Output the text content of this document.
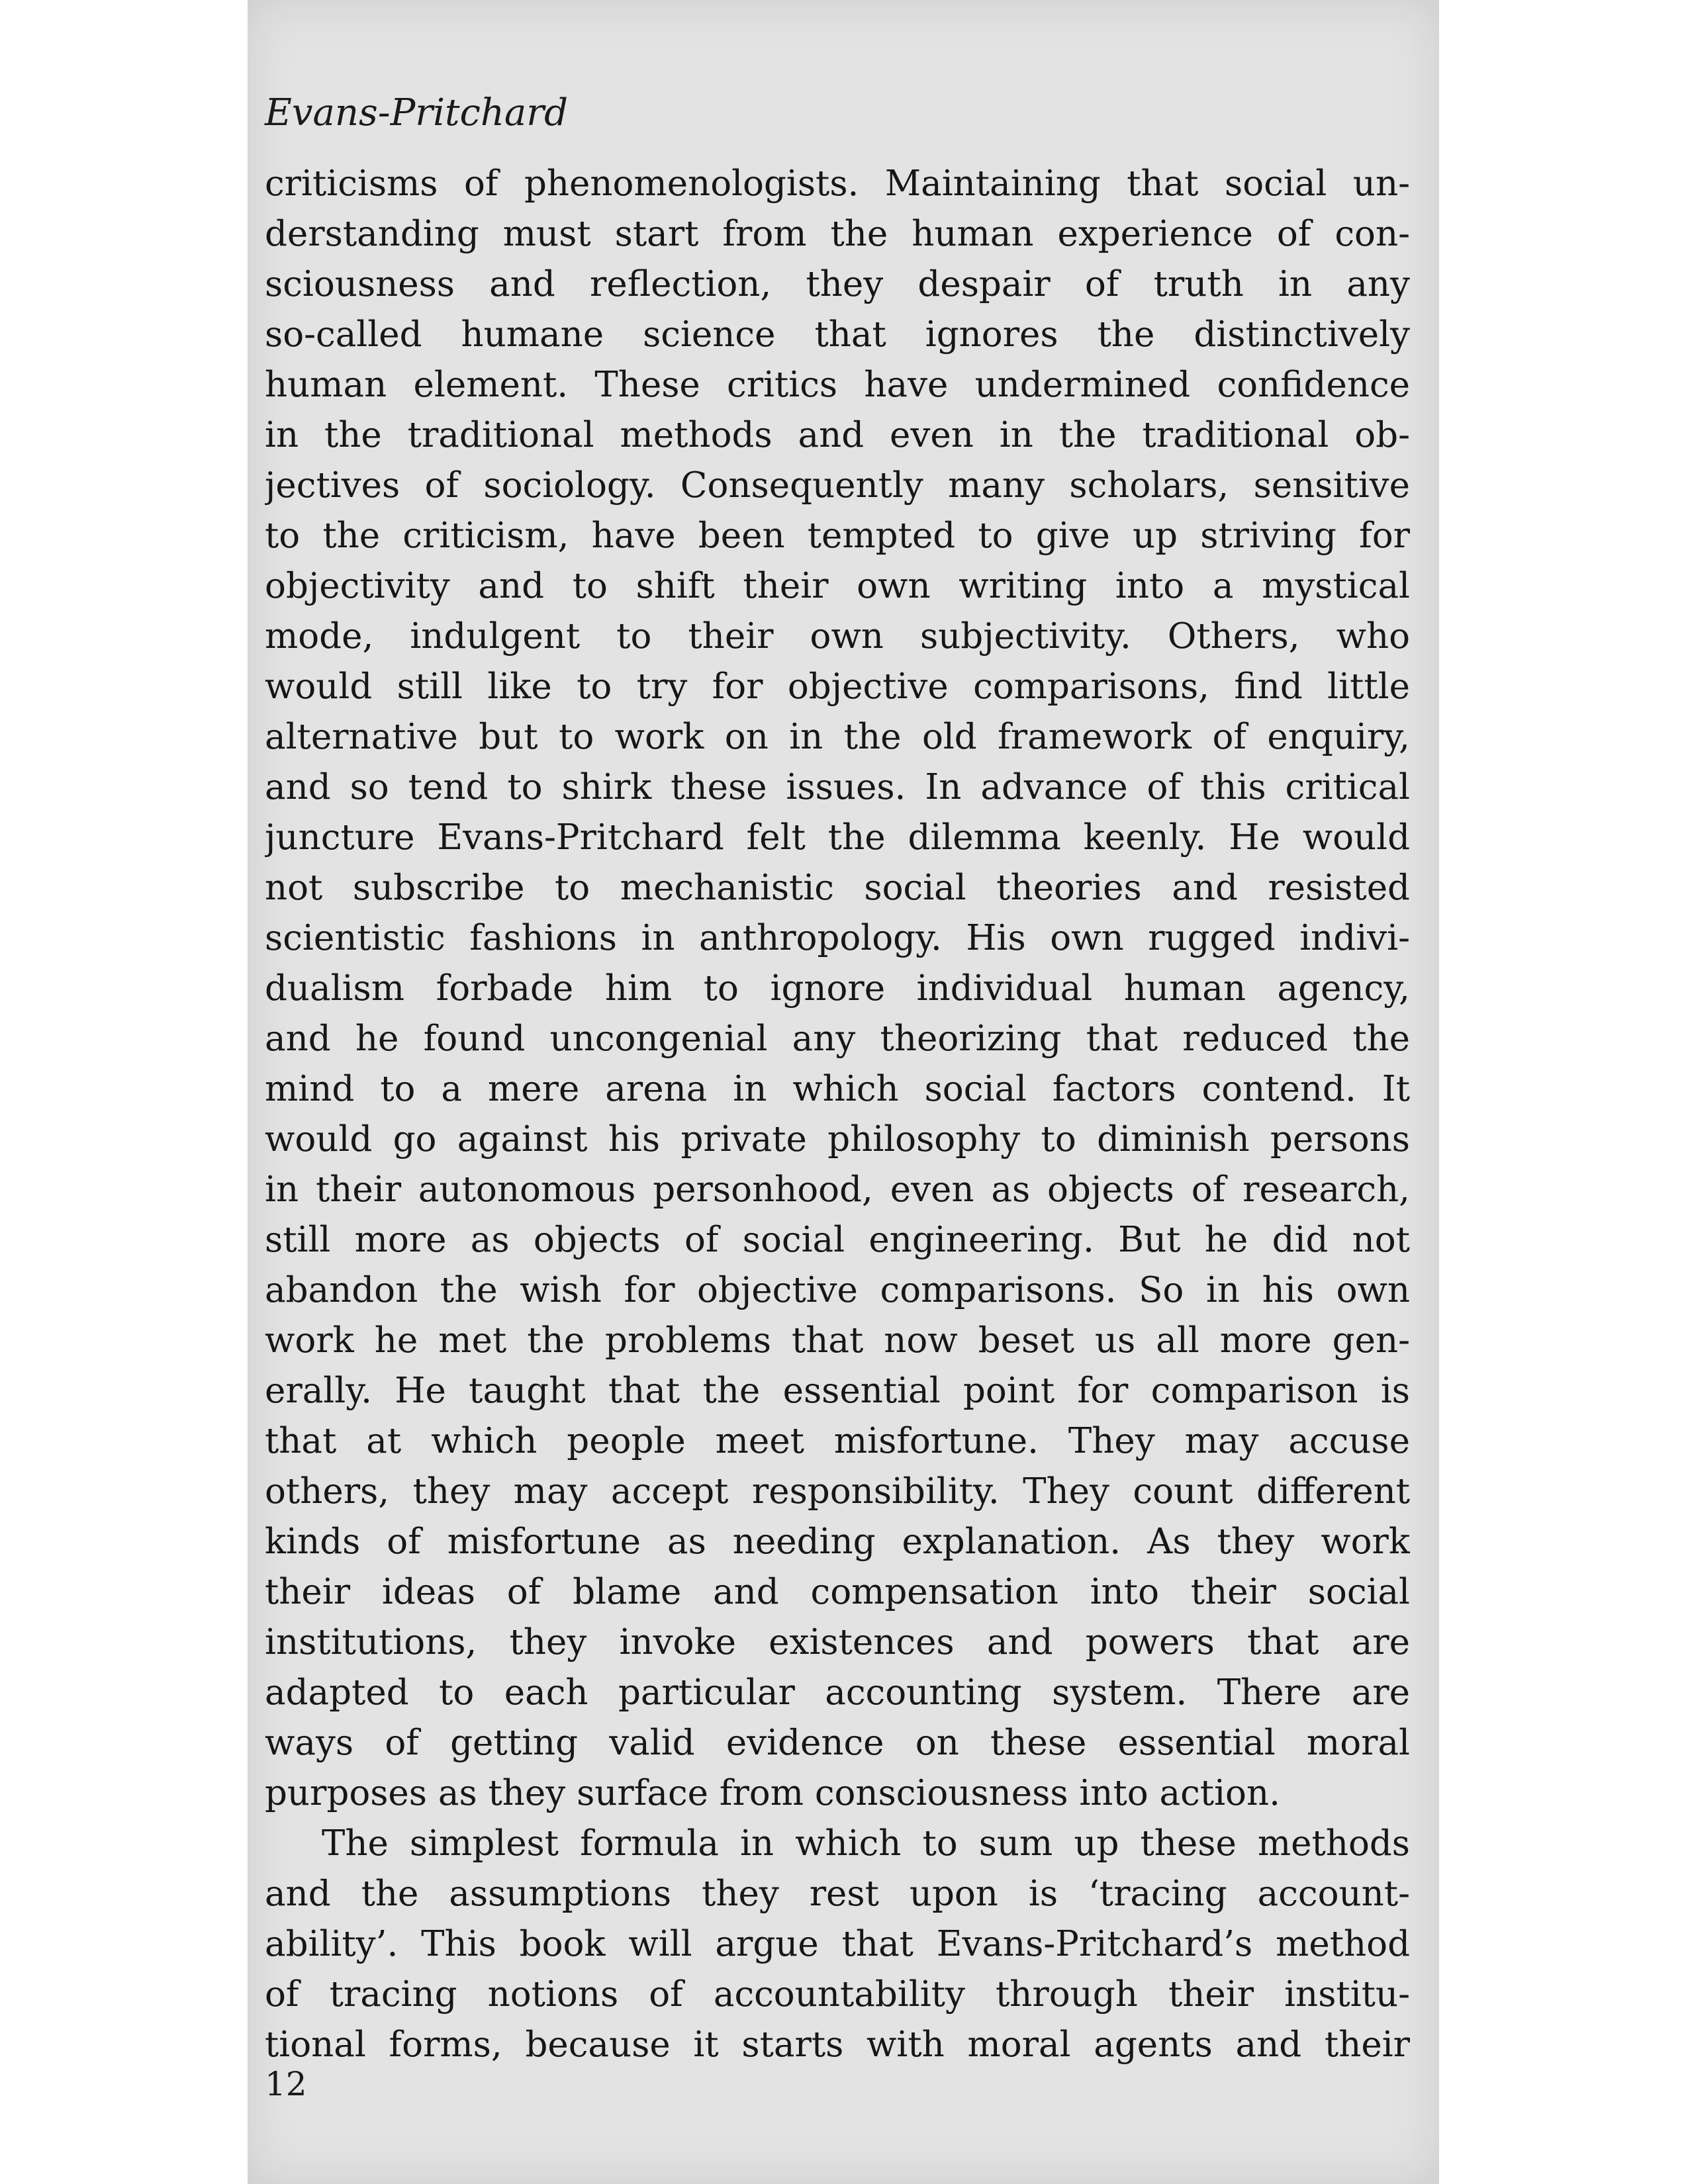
Evans-Pritchard

criticisms of phenomenologists. Maintaining that social un-
derstanding must start from the human experience of con-
sciousness and reflection, they despair of truth in any
so-called humane science that ignores the distinctively
human element. These critics have undermined confidence
in the traditional methods and even in the traditional ob-
jectives of sociology. Consequently many scholars, sensitive
to the criticism, have been tempted to give up striving for
objectivity and to shift their own writing into a mystical
mode, indulgent to their own subjectivity. Others, who
would still like to try for objective comparisons, find little
alternative but to work on in the old framework of enquiry,
and so tend to shirk these issues. In advance of this critical
juncture Evans-Pritchard felt the dilemma keenly. He would
not subscribe to mechanistic social theories and resisted
scientistic fashions in anthropology. His own rugged indivi-
dualism forbade him to ignore individual human agency,
and he found uncongenial any theorizing that reduced the
mind to a mere arena in which social factors contend. It
would go against his private philosophy to diminish persons
in their autonomous personhood, even as objects of research,
still more as objects of social engineering. But he did not
abandon the wish for objective comparisons. So in his own
work he met the problems that now beset us all more gen-
erally. He taught that the essential point for comparison is
that at which people meet misfortune. They may accuse
others, they may accept responsibility. They count different
kinds of misfortune as needing explanation. As they work
their ideas of blame and compensation into their social
institutions, they invoke existences and powers that are
adapted to each particular accounting system. There are
ways of getting valid evidence on these essential moral
purposes as they surface from consciousness into action.

The simplest formula in which to sum up these methods
and the assumptions they rest upon is ‘tracing account-
ability’. This book will argue that Evans-Pritchard’s method
of tracing notions of accountability through their institu-
tional forms, because it starts with moral agents and their

12
